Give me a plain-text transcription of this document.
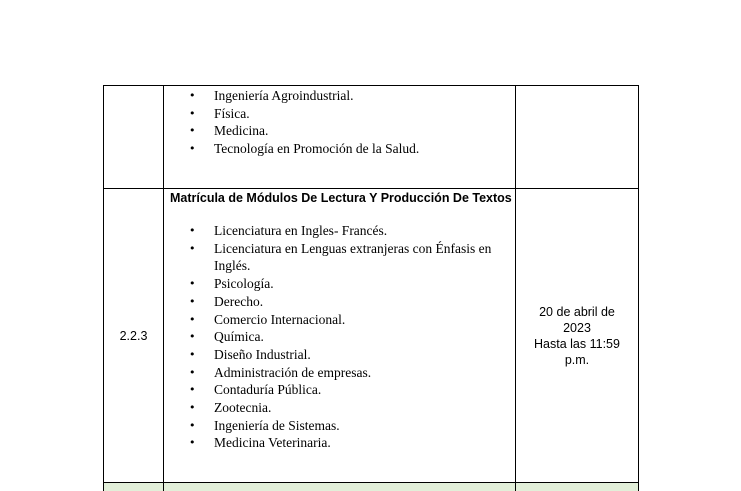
• Ingeniería Agroindustrial.
• Física.
• Medicina.
• Tecnología en Promoción de la Salud.
2.2.3
Matrícula de Módulos De Lectura Y Producción De Textos
• Licenciatura en Ingles- Francés.
• Licenciatura en Lenguas extranjeras con Énfasis en Inglés.
• Psicología.
• Derecho.
• Comercio Internacional.
• Química.
• Diseño Industrial.
• Administración de empresas.
• Contaduría Pública.
• Zootecnia.
• Ingeniería de Sistemas.
• Medicina Veterinaria.
20 de abril de
2023
Hasta las 11:59
p.m.
